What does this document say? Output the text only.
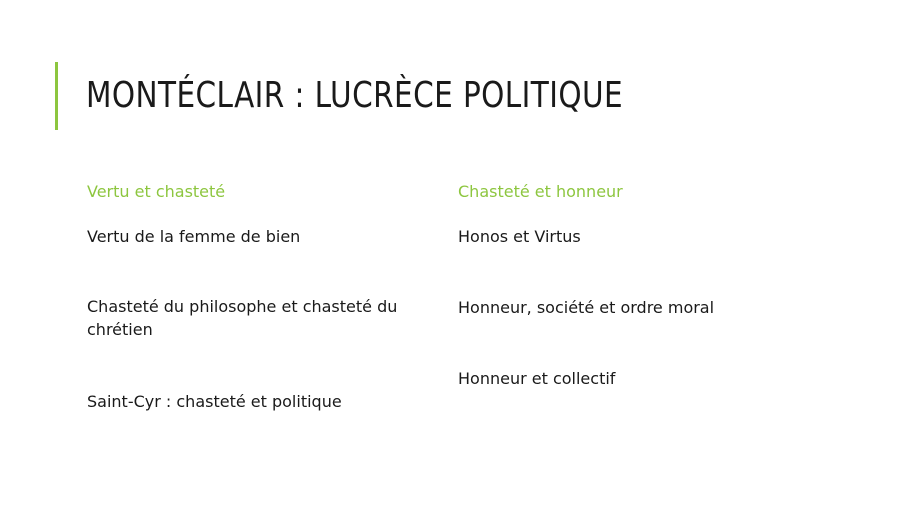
MONTÉCLAIR : LUCRÈCE POLITIQUE
Vertu et chasteté

Vertu de la femme de bien

Chasteté du philosophe et chasteté du chrétien

Saint-Cyr : chasteté et politique

Chasteté et honneur

Honos et Virtus

Honneur, société et ordre moral

Honneur et collectif
